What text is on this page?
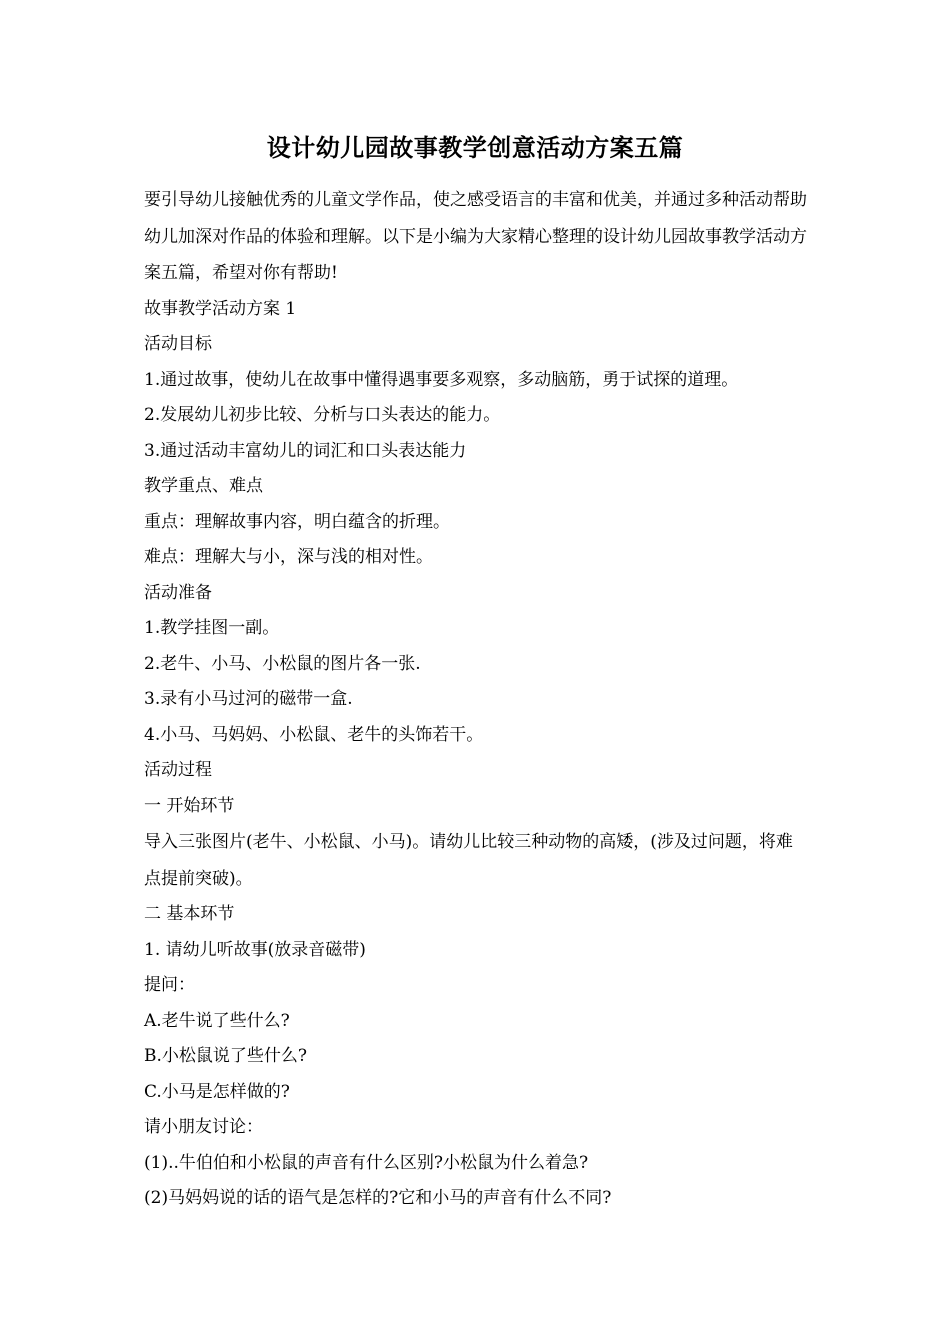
设计幼儿园故事教学创意活动方案五篇

要引导幼儿接触优秀的儿童文学作品，使之感受语言的丰富和优美，并通过多种活动帮助幼儿加深对作品的体验和理解。以下是小编为大家精心整理的设计幼儿园故事教学活动方案五篇，希望对你有帮助!

故事教学活动方案 1

活动目标

1.通过故事，使幼儿在故事中懂得遇事要多观察，多动脑筋，勇于试探的道理。

2.发展幼儿初步比较、分析与口头表达的能力。

3.通过活动丰富幼儿的词汇和口头表达能力

教学重点、难点

重点：理解故事内容，明白蕴含的折理。

难点：理解大与小，深与浅的相对性。

活动准备

1.教学挂图一副。

2.老牛、小马、小松鼠的图片各一张.

3.录有小马过河的磁带一盒.

4.小马、马妈妈、小松鼠、老牛的头饰若干。

活动过程

一 开始环节

导入三张图片(老牛、小松鼠、小马)。请幼儿比较三种动物的高矮，(涉及过问题，将难点提前突破)。

二 基本环节

1. 请幼儿听故事(放录音磁带)

提问：

A.老牛说了些什么?

B.小松鼠说了些什么?

C.小马是怎样做的?

请小朋友讨论：

(1)..牛伯伯和小松鼠的声音有什么区别?小松鼠为什么着急?

(2)马妈妈说的话的语气是怎样的?它和小马的声音有什么不同?
